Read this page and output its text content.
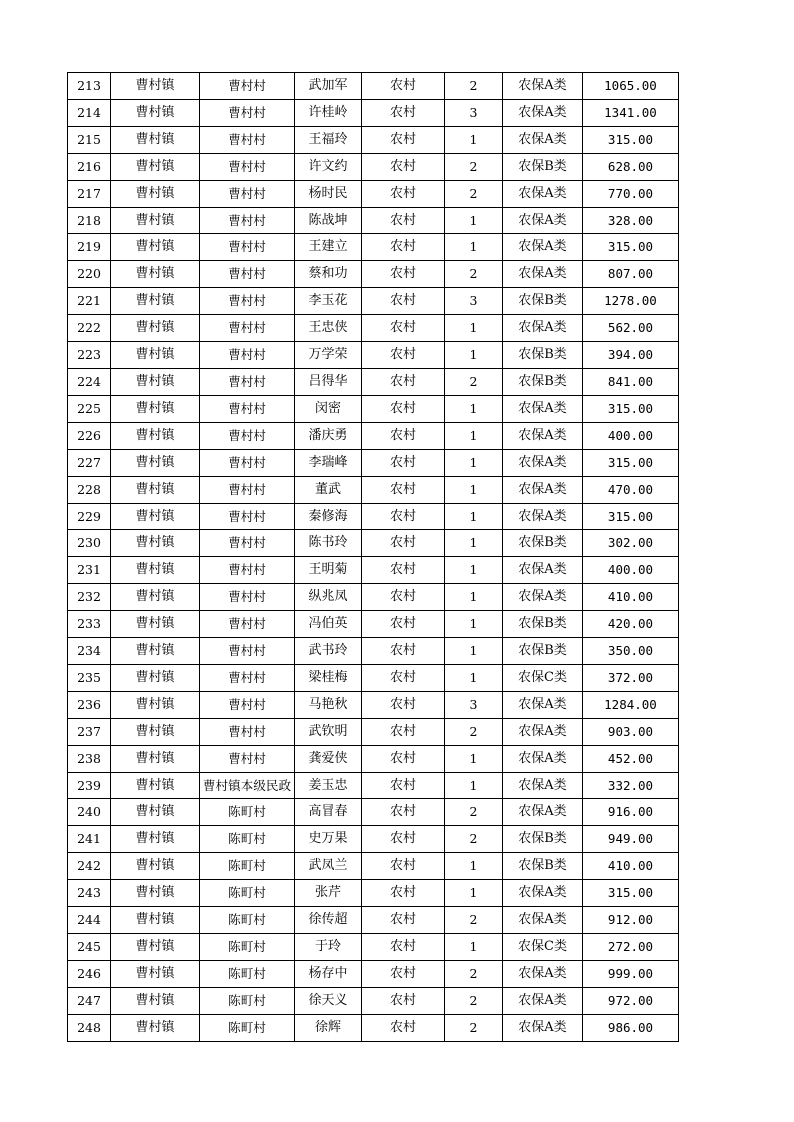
213	曹村镇	曹村村	武加军	农村	2	农保A类	1065.00
214	曹村镇	曹村村	许桂岭	农村	3	农保A类	1341.00
215	曹村镇	曹村村	王福玲	农村	1	农保A类	315.00
216	曹村镇	曹村村	许文约	农村	2	农保B类	628.00
217	曹村镇	曹村村	杨时民	农村	2	农保A类	770.00
218	曹村镇	曹村村	陈战坤	农村	1	农保A类	328.00
219	曹村镇	曹村村	王建立	农村	1	农保A类	315.00
220	曹村镇	曹村村	蔡和功	农村	2	农保A类	807.00
221	曹村镇	曹村村	李玉花	农村	3	农保B类	1278.00
222	曹村镇	曹村村	王忠侠	农村	1	农保A类	562.00
223	曹村镇	曹村村	万学荣	农村	1	农保B类	394.00
224	曹村镇	曹村村	吕得华	农村	2	农保B类	841.00
225	曹村镇	曹村村	闵密	农村	1	农保A类	315.00
226	曹村镇	曹村村	潘庆勇	农村	1	农保A类	400.00
227	曹村镇	曹村村	李瑞峰	农村	1	农保A类	315.00
228	曹村镇	曹村村	董武	农村	1	农保A类	470.00
229	曹村镇	曹村村	秦修海	农村	1	农保A类	315.00
230	曹村镇	曹村村	陈书玲	农村	1	农保B类	302.00
231	曹村镇	曹村村	王明菊	农村	1	农保A类	400.00
232	曹村镇	曹村村	纵兆凤	农村	1	农保A类	410.00
233	曹村镇	曹村村	冯伯英	农村	1	农保B类	420.00
234	曹村镇	曹村村	武书玲	农村	1	农保B类	350.00
235	曹村镇	曹村村	梁桂梅	农村	1	农保C类	372.00
236	曹村镇	曹村村	马艳秋	农村	3	农保A类	1284.00
237	曹村镇	曹村村	武钦明	农村	2	农保A类	903.00
238	曹村镇	曹村村	龚爱侠	农村	1	农保A类	452.00
239	曹村镇	曹村镇本级民政	姜玉忠	农村	1	农保A类	332.00
240	曹村镇	陈町村	高冒春	农村	2	农保A类	916.00
241	曹村镇	陈町村	史万果	农村	2	农保B类	949.00
242	曹村镇	陈町村	武凤兰	农村	1	农保B类	410.00
243	曹村镇	陈町村	张芹	农村	1	农保A类	315.00
244	曹村镇	陈町村	徐传超	农村	2	农保A类	912.00
245	曹村镇	陈町村	于玲	农村	1	农保C类	272.00
246	曹村镇	陈町村	杨存中	农村	2	农保A类	999.00
247	曹村镇	陈町村	徐天义	农村	2	农保A类	972.00
248	曹村镇	陈町村	徐辉	农村	2	农保A类	986.00
